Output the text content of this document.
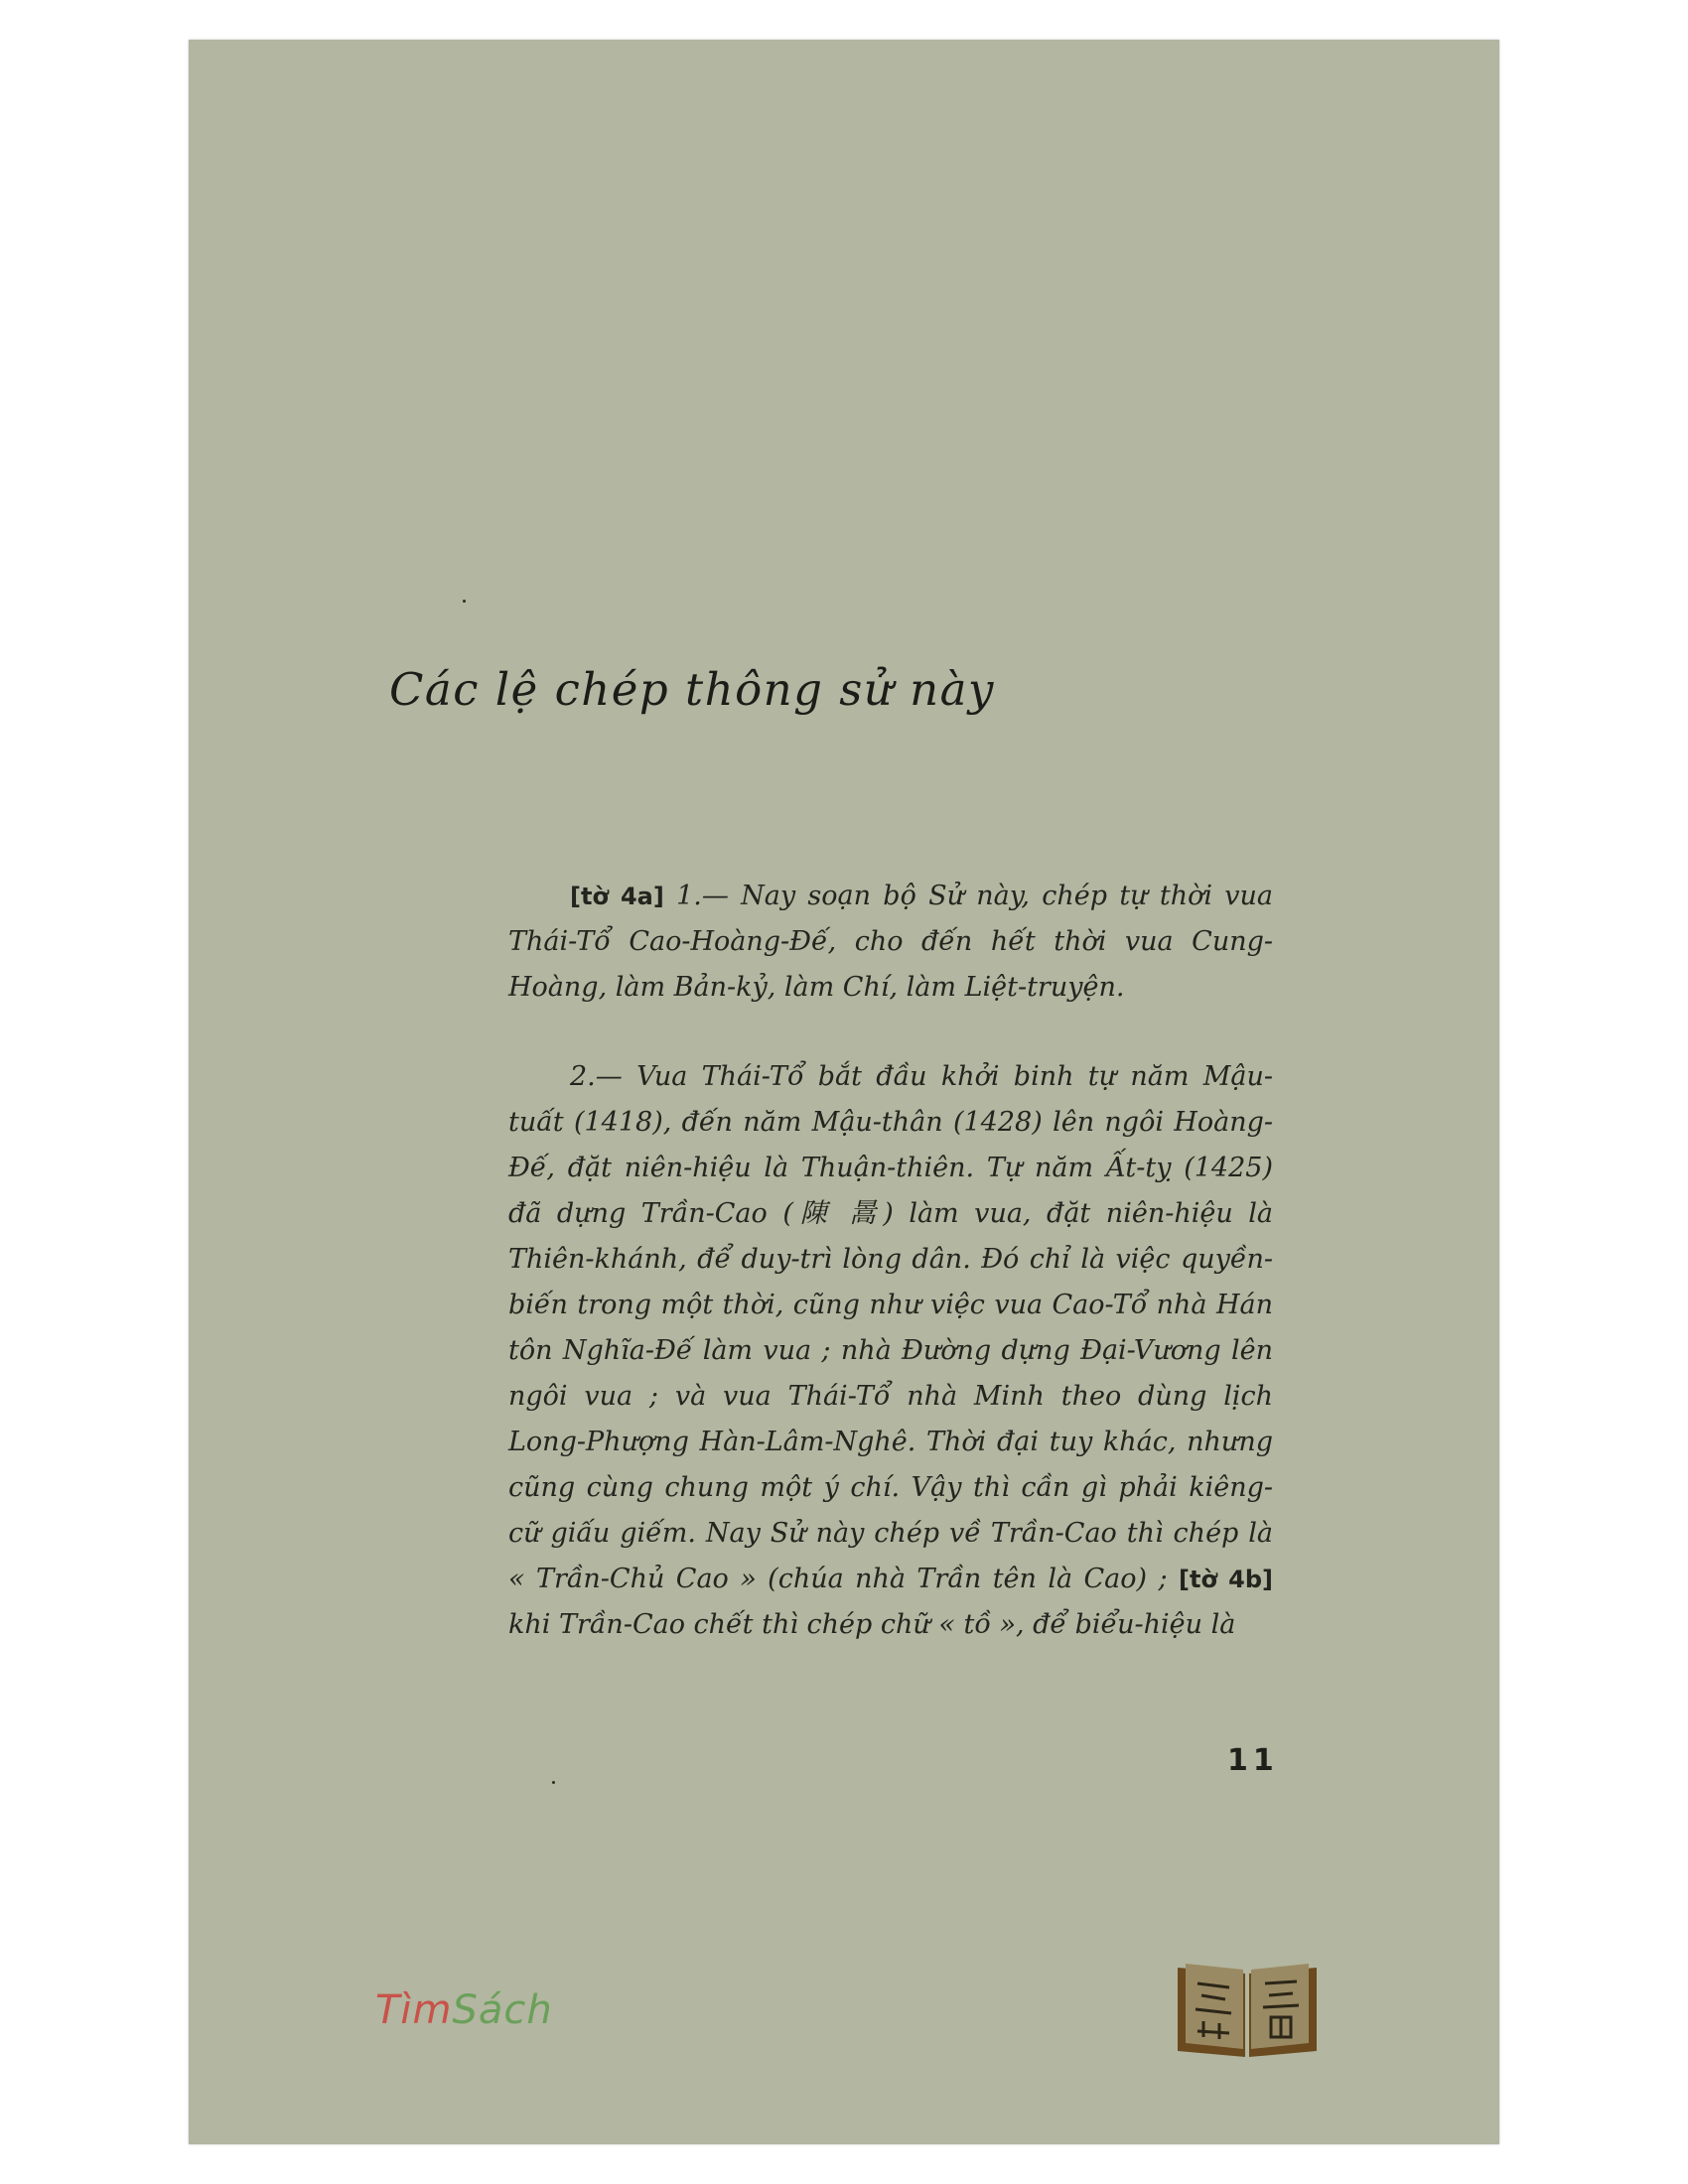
Các lệ chép thông sử này

[tờ 4a] 1.— Nay soạn bộ Sử này, chép tự thời vua Thái-Tổ Cao-Hoàng-Đế, cho đến hết thời vua Cung-Hoàng, làm Bản-kỷ, làm Chí, làm Liệt-truyện.

2.— Vua Thái-Tổ bắt đầu khởi binh tự năm Mậu-tuất (1418), đến năm Mậu-thân (1428) lên ngôi Hoàng-Đế, đặt niên-hiệu là Thuận-thiên. Tự năm Ất-tỵ (1425) đã dựng Trần-Cao (陳 暠) làm vua, đặt niên-hiệu là Thiên-khánh, để duy-trì lòng dân. Đó chỉ là việc quyền-biến trong một thời, cũng như việc vua Cao-Tổ nhà Hán tôn Nghĩa-Đế làm vua ; nhà Đường dựng Đại-Vương lên ngôi vua ; và vua Thái-Tổ nhà Minh theo dùng lịch Long-Phượng Hàn-Lâm-Nghê. Thời đại tuy khác, nhưng cũng cùng chung một ý chí. Vậy thì cần gì phải kiêng-cữ giấu giếm. Nay Sử này chép về Trần-Cao thì chép là « Trần-Chủ Cao » (chúa nhà Trần tên là Cao) ; [tờ 4b] khi Trần-Cao chết thì chép chữ « tồ », để biểu-hiệu là

11
TìmSách
